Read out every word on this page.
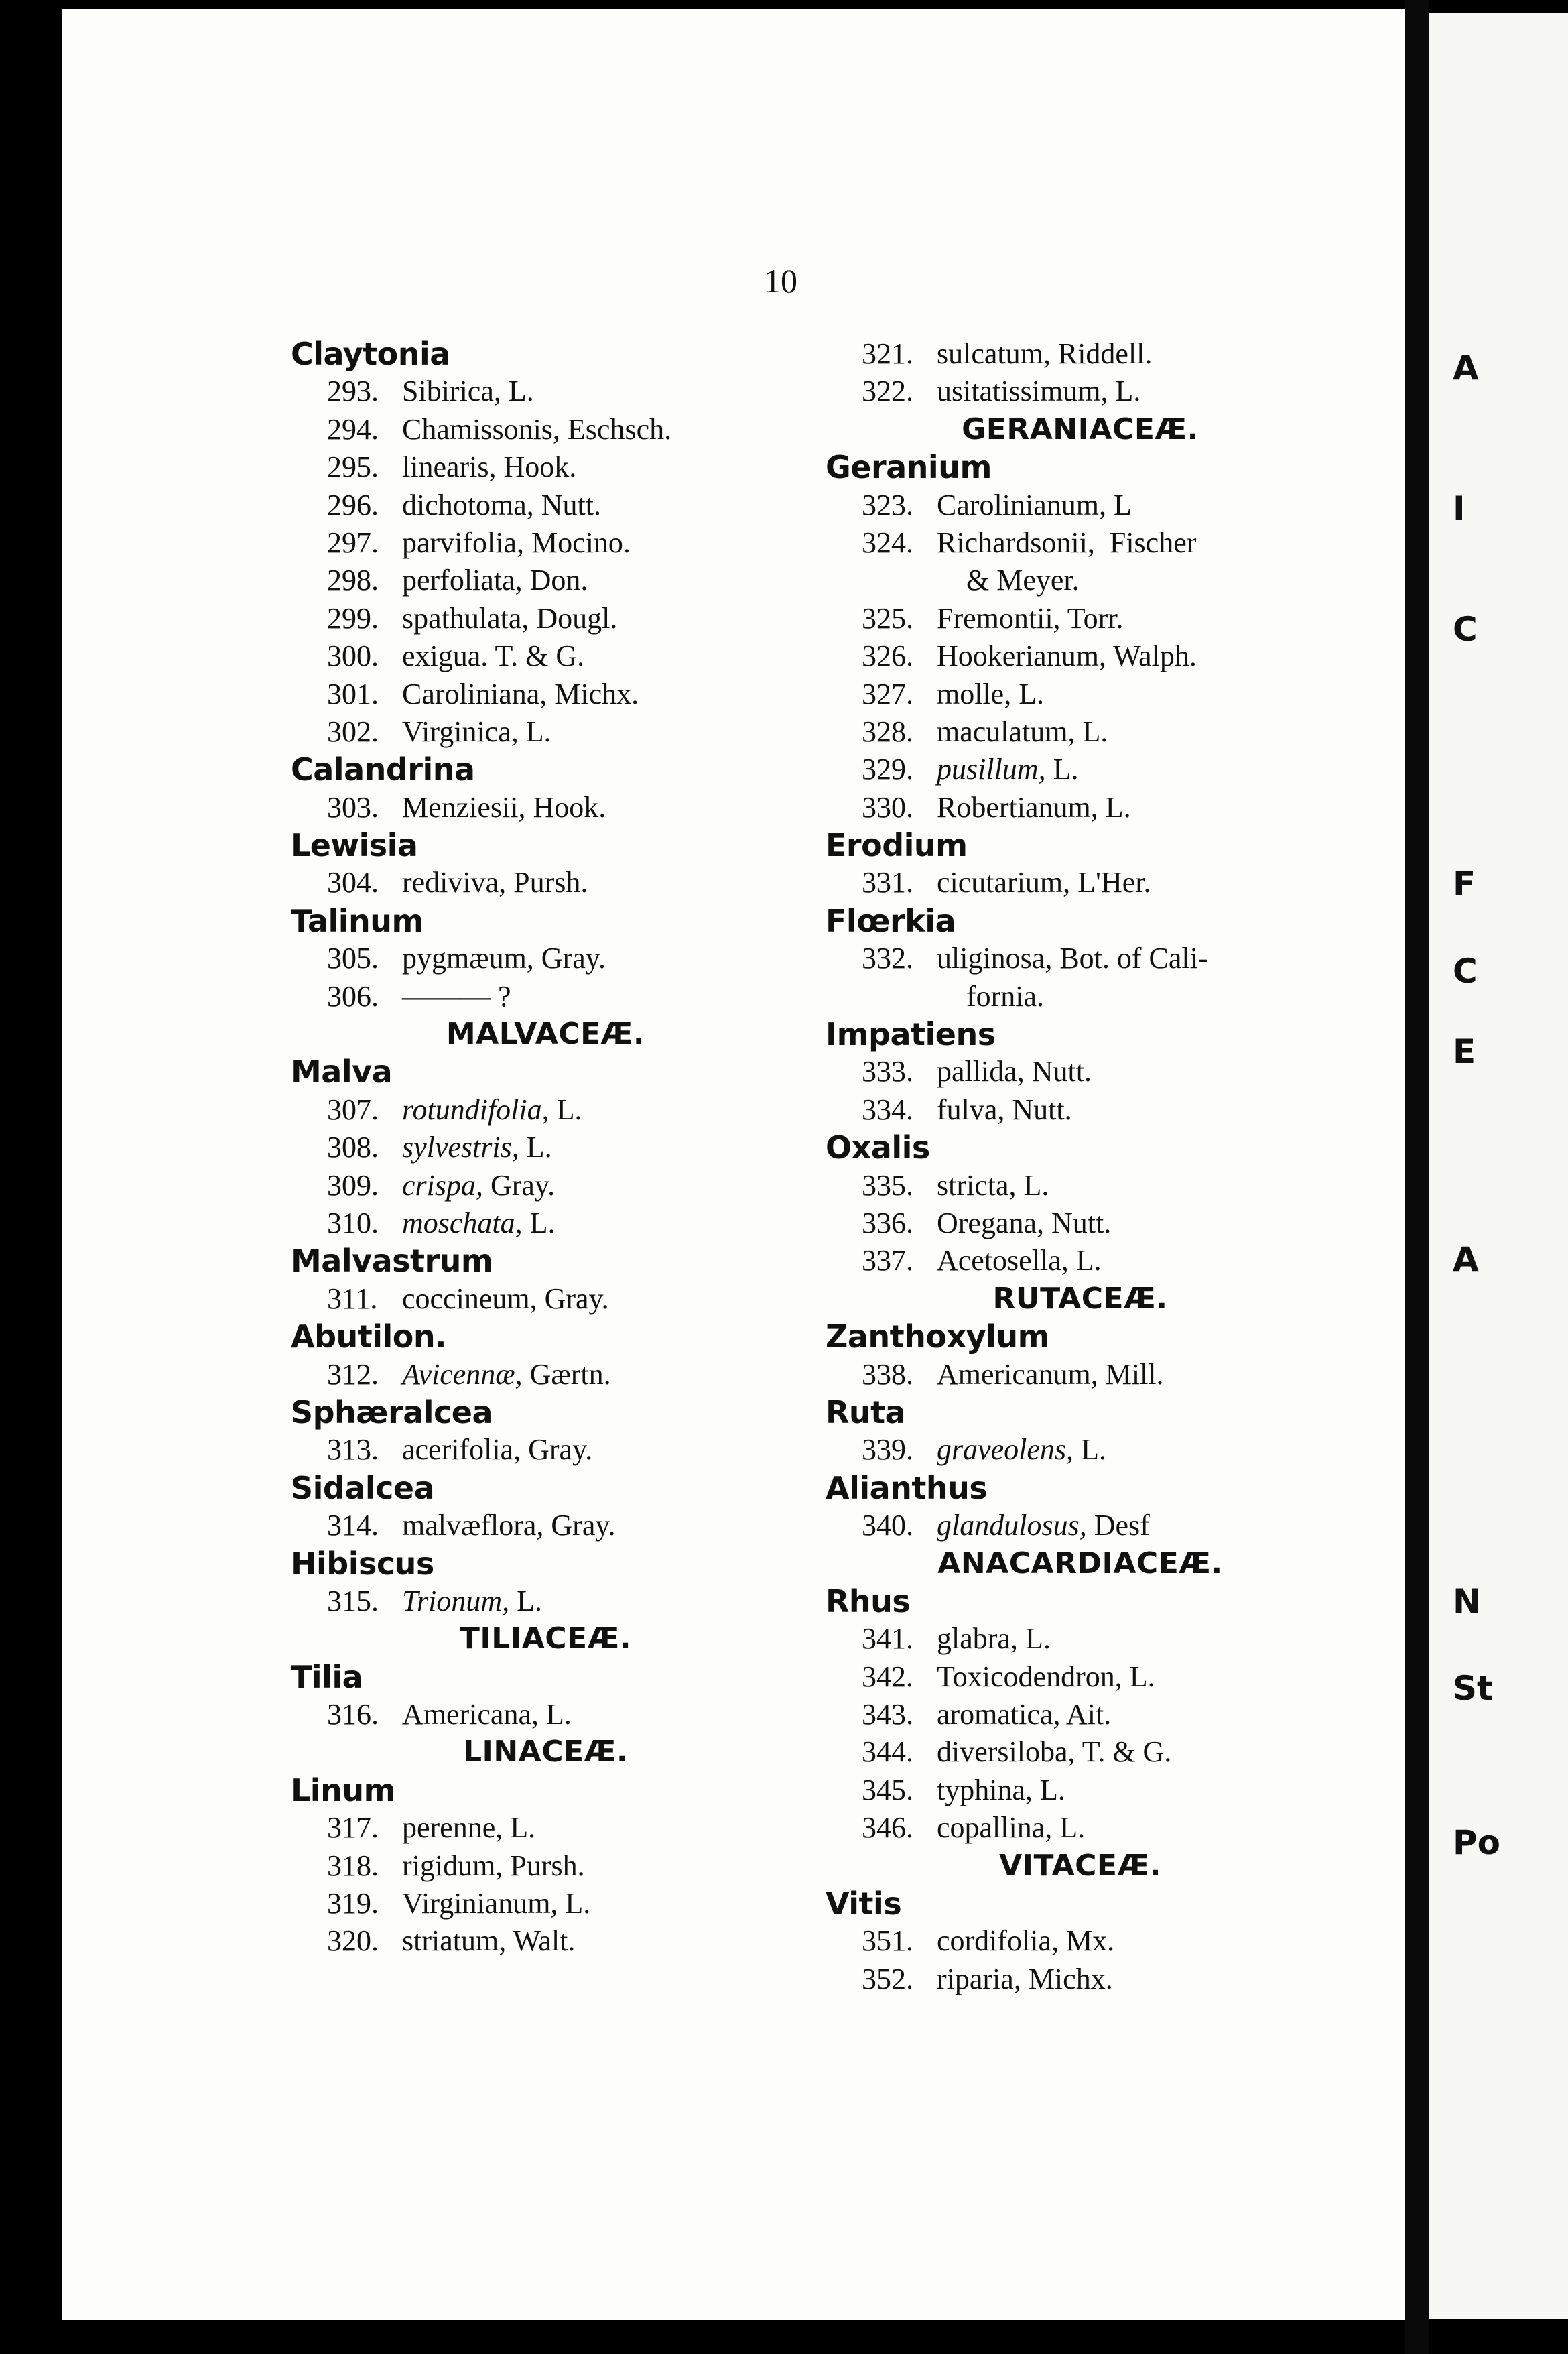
10
Claytonia
293. Sibirica, L.
294. Chamissonis, Eschsch.
295. linearis, Hook.
296. dichotoma, Nutt.
297. parvifolia, Mocino.
298. perfoliata, Don.
299. spathulata, Dougl.
300. exigua. T. & G.
301. Caroliniana, Michx.
302. Virginica, L.
Calandrina
303. Menziesii, Hook.
Lewisia
304. rediviva, Pursh.
Talinum
305. pygmæum, Gray.
306. ——— ?
MALVACEÆ.
Malva
307. rotundifolia, L.
308. sylvestris, L.
309. crispa, Gray.
310. moschata, L.
Malvastrum
311. coccineum, Gray.
Abutilon.
312. Avicennæ, Gærtn.
Sphæralcea
313. acerifolia, Gray.
Sidalcea
314. malvæflora, Gray.
Hibiscus
315. Trionum, L.
TILIACEÆ.
Tilia
316. Americana, L.
LINACEÆ.
Linum
317. perenne, L.
318. rigidum, Pursh.
319. Virginianum, L.
320. striatum, Walt.
321. sulcatum, Riddell.
322. usitatissimum, L.
GERANIACEÆ.
Geranium
323. Carolinianum, L
324. Richardsonii,  Fischer
& Meyer.
325. Fremontii, Torr.
326. Hookerianum, Walph.
327. molle, L.
328. maculatum, L.
329. pusillum, L.
330. Robertianum, L.
Erodium
331. cicutarium, L'Her.
Flœrkia
332. uliginosa, Bot. of Cali-
fornia.
Impatiens
333. pallida, Nutt.
334. fulva, Nutt.
Oxalis
335. stricta, L.
336. Oregana, Nutt.
337. Acetosella, L.
RUTACEÆ.
Zanthoxylum
338. Americanum, Mill.
Ruta
339. graveolens, L.
Alianthus
340. glandulosus, Desf
ANACARDIACEÆ.
Rhus
341. glabra, L.
342. Toxicodendron, L.
343. aromatica, Ait.
344. diversiloba, T. & G.
345. typhina, L.
346. copallina, L.
VITACEÆ.
Vitis
351. cordifolia, Mx.
352. riparia, Michx.
A
I
C
F
C
E
A
N
St
Po
